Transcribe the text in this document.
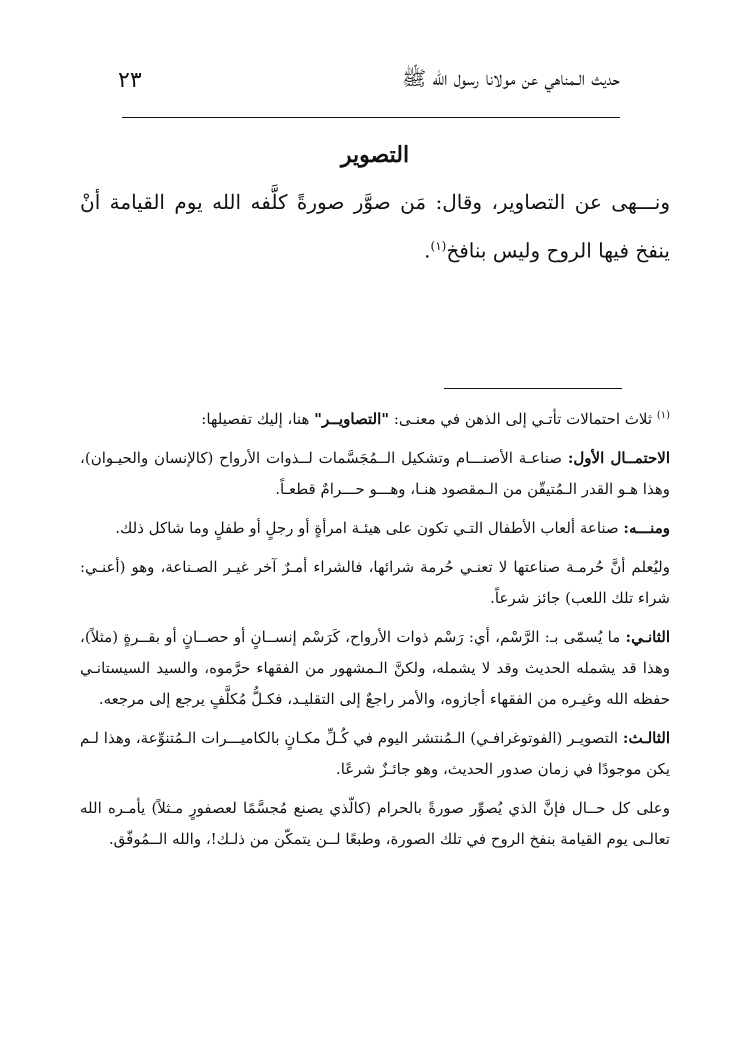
حديث الـمناهي عن مولانا رسول الله ﷺ
٢٣
التصوير
ونـــهى عن التصاوير، وقال: مَن صوَّر صورةً كلَّفه الله يوم القيامة أنْ ينفخ فيها الروح وليس بنافخ$^{(١)}$.

$^{(١)}$ ثلاث احتمالات تأتـي إلى الذهن في معنـى: "التصاويــر" هنا، إليك تفصيلها:

الاحتمــال الأول: صناعـة الأصنـــام وتشكيل الــمُجَسَّمات لــذوات الأرواح (كالإنسان والحيـوان)، وهذا هـو القدر الـمُتيقّن من الـمقصود هنـا، وهـــو حـــرامٌ قطعـاً.

ومنـــه: صناعة ألعاب الأطفال التـي تكون على هيئـة امرأةٍ أو رجلٍ أو طفلٍ وما شاكل ذلك.

وليُعلم أنَّ حُرمـة صناعتها لا تعنـي حُرمة شرائها، فالشراء أمـرٌ آخر غيـر الصـناعة، وهو (أعنـي: شراء تلك اللعب) جائز شرعاً.

الثانـي: ما يُسمّى بـ: الرَّسْم، أي: رَسْم ذوات الأرواح، كَرَسْم إنســانٍ أو حصــانٍ أو بقــرةٍ (مثلاً)، وهذا قد يشمله الحديث وقد لا يشمله، ولكنَّ الـمشهور من الفقهاء حرَّموه، والسيد السيستانـي حفظه الله وغيـره من الفقهاء أجازوه، والأمر راجعٌ إلى التقليـد، فكـلُّ مُكلَّفٍ يرجع إلى مرجعه.

الثالـث: التصويـر (الفوتوغرافـي) الـمُنتشر اليوم في كُـلِّ مكـانٍ بالكاميـــرات الـمُتنوِّعة، وهذا لـم يكن موجودًا في زمان صدور الحديث، وهو جائـزٌ شرعًا.

وعلى كل حــال فإنَّ الذي يُصوِّر صورةً بالحرام (كالّذي يصنع مُجسَّمًا لعصفورٍ مـثلاً) يأمـره الله تعالـى يوم القيامة بنفخ الروح في تلك الصورة، وطبعًا لــن يتمكّن من ذلـك!، والله الــمُوفّق.
